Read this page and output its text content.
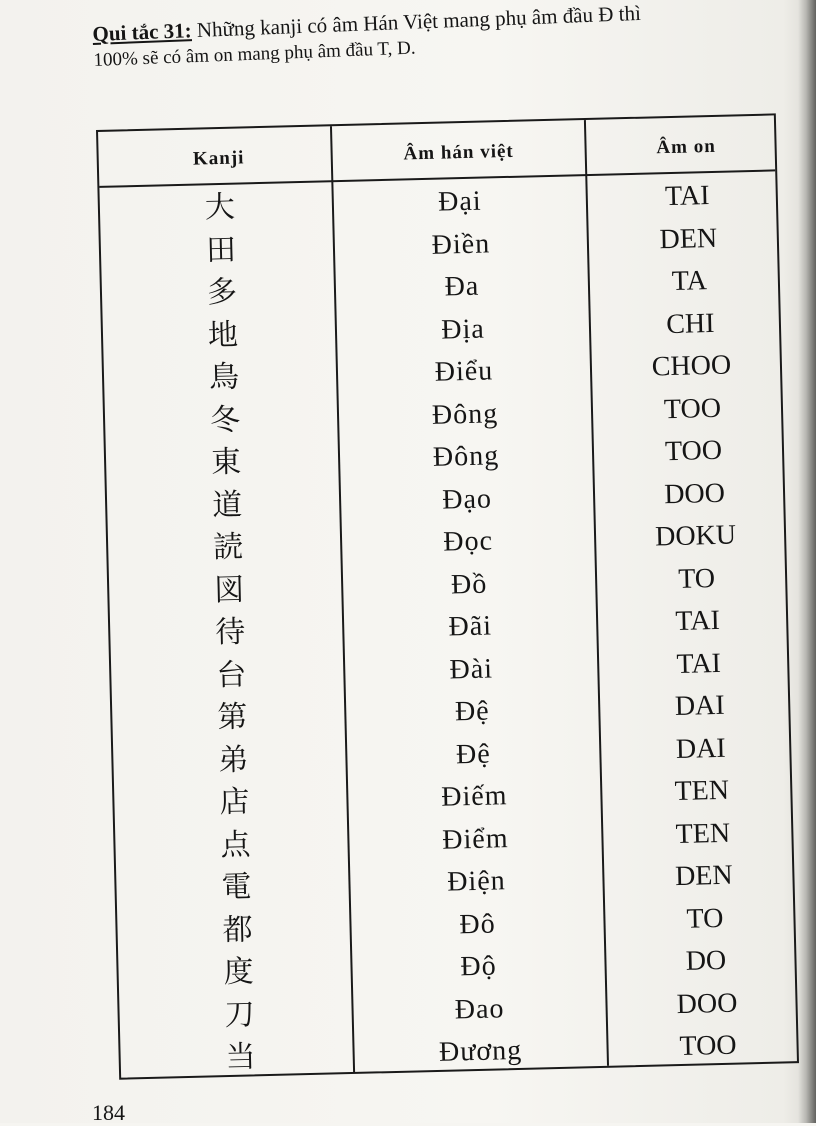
Qui tắc 31: Những kanji có âm Hán Việt mang phụ âm đầu Đ thì
100% sẽ có âm on mang phụ âm đầu T, D.
Kanji	Âm hán việt	Âm on
大	Đại	TAI
田	Điền	DEN
多	Đa	TA
地	Địa	CHI
鳥	Điểu	CHOO
冬	Đông	TOO
東	Đông	TOO
道	Đạo	DOO
読	Đọc	DOKU
図	Đồ	TO
待	Đãi	TAI
台	Đài	TAI
第	Đệ	DAI
弟	Đệ	DAI
店	Điếm	TEN
点	Điểm	TEN
電	Điện	DEN
都	Đô	TO
度	Độ	DO
刀	Đao	DOO
当	Đương	TOO
184
